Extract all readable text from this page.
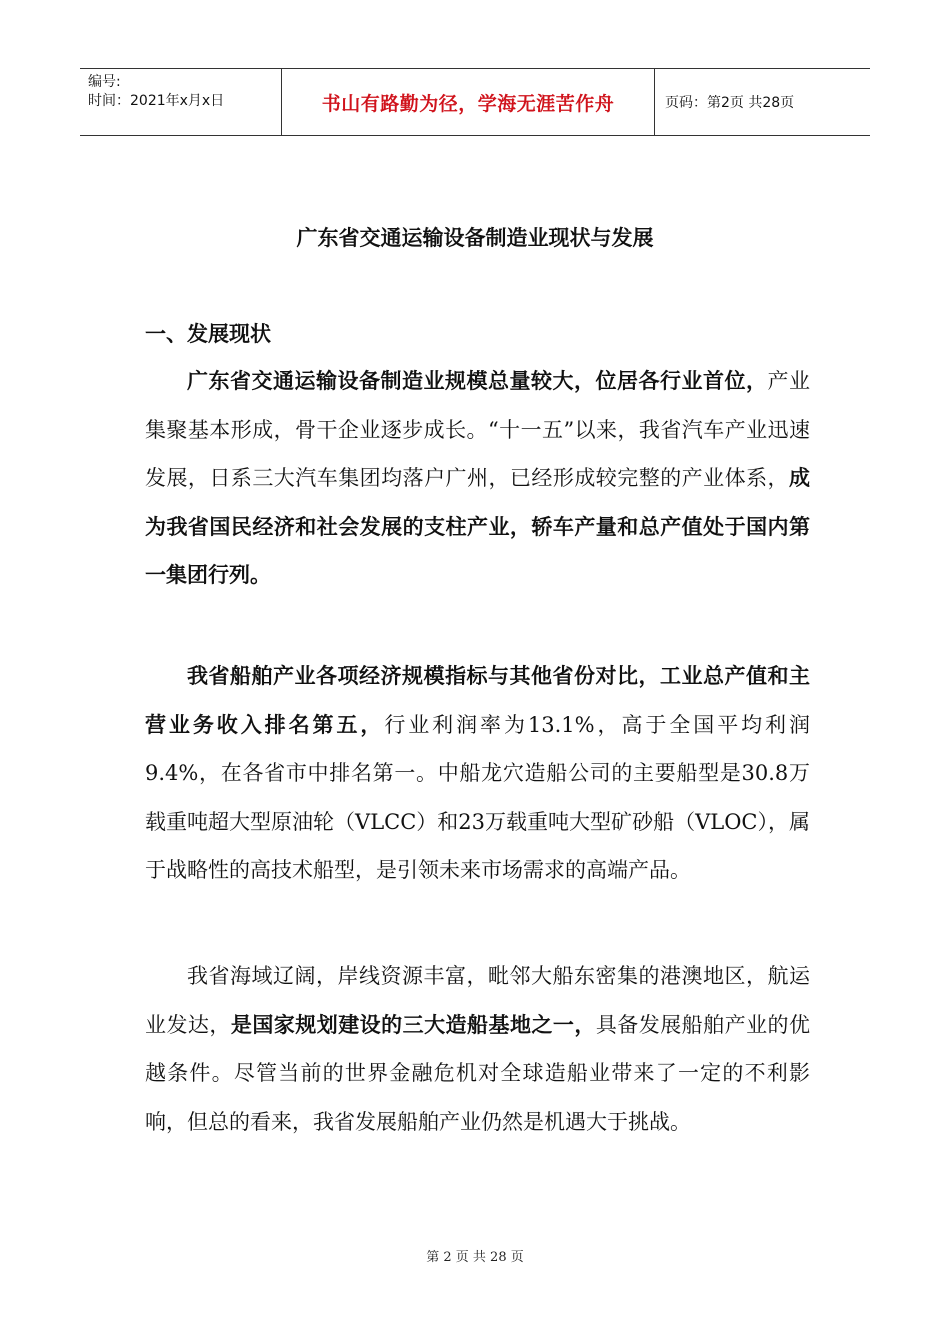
编号:
时间：2021年x月x日	书山有路勤为径，学海无涯苦作舟	页码：第2页 共28页
广东省交通运输设备制造业现状与发展
一、发展现状

广东省交通运输设备制造业规模总量较大，位居各行业首位，产业集聚基本形成，骨干企业逐步成长。“十一五”以来，我省汽车产业迅速发展，日系三大汽车集团均落户广州，已经形成较完整的产业体系，成为我省国民经济和社会发展的支柱产业，轿车产量和总产值处于国内第一集团行列。

我省船舶产业各项经济规模指标与其他省份对比，工业总产值和主营业务收入排名第五，行业利润率为13.1%，高于全国平均利润9.4%，在各省市中排名第一。中船龙穴造船公司的主要船型是30.8万载重吨超大型原油轮（VLCC）和23万载重吨大型矿砂船（VLOC），属于战略性的高技术船型，是引领未来市场需求的高端产品。

我省海域辽阔，岸线资源丰富，毗邻大船东密集的港澳地区，航运业发达，是国家规划建设的三大造船基地之一，具备发展船舶产业的优越条件。尽管当前的世界金融危机对全球造船业带来了一定的不利影响，但总的看来，我省发展船舶产业仍然是机遇大于挑战。

第 2 页 共 28 页
